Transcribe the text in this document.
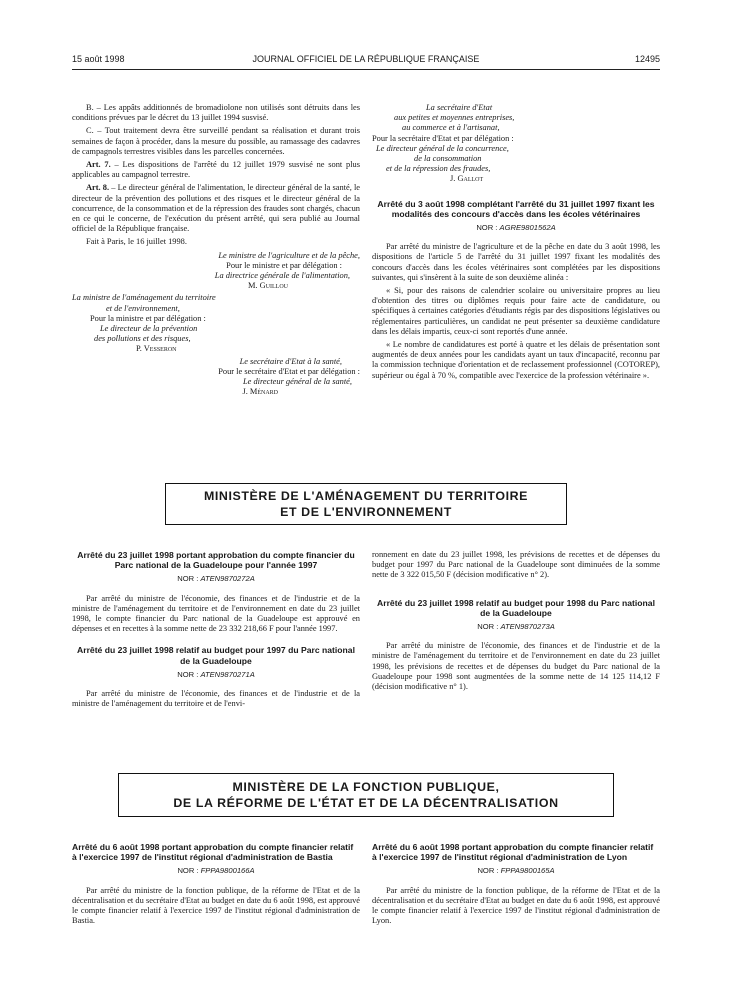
15 août 1998	JOURNAL OFFICIEL DE LA RÉPUBLIQUE FRANÇAISE	12495

B. – Les appâts additionnés de bromadiolone non utilisés sont détruits dans les conditions prévues par le décret du 13 juillet 1994 susvisé.

C. – Tout traitement devra être surveillé pendant sa réalisation et durant trois semaines de façon à procéder, dans la mesure du possible, au ramassage des cadavres de campagnols terrestres visibles dans les parcelles concernées.

Art. 7. – Les dispositions de l'arrêté du 12 juillet 1979 susvisé ne sont plus applicables au campagnol terrestre.

Art. 8. – Le directeur général de l'alimentation, le directeur général de la santé, le directeur de la prévention des pollutions et des risques et le directeur général de la concurrence, de la consommation et de la répression des fraudes sont chargés, chacun en ce qui le concerne, de l'exécution du présent arrêté, qui sera publié au Journal officiel de la République française.

Fait à Paris, le 16 juillet 1998.

Le ministre de l'agriculture et de la pêche,
Pour le ministre et par délégation :
La directrice générale de l'alimentation,
M. Guillou
La ministre de l'aménagement du territoire
et de l'environnement,
Pour la ministre et par délégation :
Le directeur de la prévention
des pollutions et des risques,
P. Vesseron
Le secrétaire d'Etat à la santé,
Pour le secrétaire d'Etat et par délégation :
Le directeur général de la santé,
J. Ménard
La secrétaire d'Etat
aux petites et moyennes entreprises,
au commerce et à l'artisanat,
Pour la secrétaire d'Etat et par délégation :
Le directeur général de la concurrence,
de la consommation
et de la répression des fraudes,
J. Gallot
Arrêté du 3 août 1998 complétant l'arrêté du 31 juillet 1997 fixant les modalités des concours d'accès dans les écoles vétérinaires
NOR : AGRE9801562A

Par arrêté du ministre de l'agriculture et de la pêche en date du 3 août 1998, les dispositions de l'article 5 de l'arrêté du 31 juillet 1997 fixant les modalités des concours d'accès dans les écoles vétérinaires sont complétées par les dispositions suivantes, qui s'insèrent à la suite de son deuxième alinéa :

« Si, pour des raisons de calendrier scolaire ou universitaire propres au lieu d'obtention des titres ou diplômes requis pour faire acte de candidature, ou spécifiques à certaines catégories d'étudiants régis par des dispositions législatives ou réglementaires particulières, un candidat ne peut présenter sa deuxième candidature dans les délais impartis, ceux-ci sont reportés d'une année.

« Le nombre de candidatures est porté à quatre et les délais de présentation sont augmentés de deux années pour les candidats ayant un taux d'incapacité, reconnu par la commission technique d'orientation et de reclassement professionnel (COTOREP), supérieur ou égal à 70 %, compatible avec l'exercice de la profession vétérinaire ».

MINISTÈRE DE L'AMÉNAGEMENT DU TERRITOIRE
ET DE L'ENVIRONNEMENT
Arrêté du 23 juillet 1998 portant approbation du compte financier du Parc national de la Guadeloupe pour l'année 1997
NOR : ATEN9870272A

Par arrêté du ministre de l'économie, des finances et de l'industrie et de la ministre de l'aménagement du territoire et de l'environnement en date du 23 juillet 1998, le compte financier du Parc national de la Guadeloupe est approuvé en dépenses et en recettes à la somme nette de 23 332 218,66 F pour l'année 1997.

Arrêté du 23 juillet 1998 relatif au budget pour 1997 du Parc national de la Guadeloupe
NOR : ATEN9870271A

Par arrêté du ministre de l'économie, des finances et de l'industrie et de la ministre de l'aménagement du territoire et de l'envi-

ronnement en date du 23 juillet 1998, les prévisions de recettes et de dépenses du budget pour 1997 du Parc national de la Guadeloupe sont diminuées de la somme nette de 3 322 015,50 F (décision modificative n° 2).

Arrêté du 23 juillet 1998 relatif au budget pour 1998 du Parc national de la Guadeloupe
NOR : ATEN9870273A

Par arrêté du ministre de l'économie, des finances et de l'industrie et de la ministre de l'aménagement du territoire et de l'environnement en date du 23 juillet 1998, les prévisions de recettes et de dépenses du budget du Parc national de la Guadeloupe pour 1998 sont augmentées de la somme nette de 14 125 114,12 F (décision modificative n° 1).

MINISTÈRE DE LA FONCTION PUBLIQUE,
DE LA RÉFORME DE L'ÉTAT ET DE LA DÉCENTRALISATION
Arrêté du 6 août 1998 portant approbation du compte financier relatif à l'exercice 1997 de l'institut régional d'administration de Bastia
NOR : FPPA9800166A

Par arrêté du ministre de la fonction publique, de la réforme de l'Etat et de la décentralisation et du secrétaire d'Etat au budget en date du 6 août 1998, est approuvé le compte financier relatif à l'exercice 1997 de l'institut régional d'administration de Bastia.

Arrêté du 6 août 1998 portant approbation du compte financier relatif à l'exercice 1997 de l'institut régional d'administration de Lyon
NOR : FPPA9800165A

Par arrêté du ministre de la fonction publique, de la réforme de l'Etat et de la décentralisation et du secrétaire d'Etat au budget en date du 6 août 1998, est approuvé le compte financier relatif à l'exercice 1997 de l'institut régional d'administration de Lyon.
